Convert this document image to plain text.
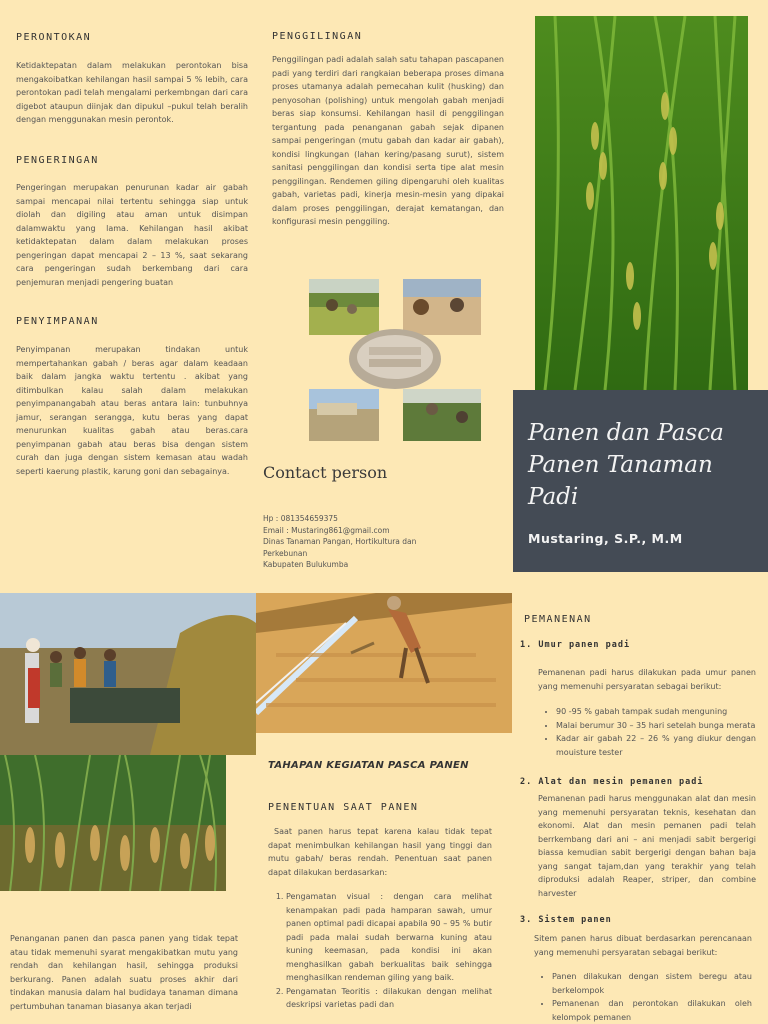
PERONTOKAN
Ketidaktepatan dalam melakukan perontokan bisa mengakoibatkan kehilangan hasil sampai 5 % lebih, cara perontokan padi telah mengalami perkembngan dari cara digebot ataupun diinjak dan dipukul –pukul telah beralih dengan menggunakan mesin perontok.
PENGERINGAN
Pengeringan merupakan penurunan kadar air gabah sampai mencapai nilai tertentu sehingga siap untuk diolah dan digiling atau aman untuk disimpan dalamwaktu yang lama. Kehilangan hasil akibat ketidaktepatan dalam dalam melakukan proses pengeringan dapat mencapai 2 – 13 %, saat sekarang cara pengeringan sudah berkembang dari cara penjemuran menjadi pengering buatan
PENYIMPANAN
Penyimpanan merupakan tindakan untuk mempertahankan gabah / beras agar dalam keadaan baik dalam jangka waktu tertentu . akibat yang ditimbulkan kalau salah dalam melakukan penyimpanangabah atau beras antara lain: tunbuhnya jamur, serangan serangga, kutu beras yang dapat menurunkan kualitas gabah atau beras.cara penyimpanan gabah atau beras bisa dengan sistem curah dan juga dengan sistem kemasan atau wadah seperti kaerung plastik, karung goni dan sebagainya.
PENGGILINGAN
Penggilingan padi adalah salah satu tahapan pascapanen padi yang terdiri dari rangkaian beberapa proses dimana proses utamanya adalah pemecahan kulit (husking) dan penyosohan (polishing) untuk mengolah gabah menjadi beras siap konsumsi. Kehilangan hasil di penggilingan tergantung pada penanganan gabah sejak dipanen sampai pengeringan (mutu gabah dan kadar air gabah), kondisi lingkungan (lahan kering/pasang surut), sistem sanitasi penggilingan dan kondisi serta tipe alat mesin penggilingan. Rendemen giling dipengaruhi oleh kualitas gabah, varietas padi, kinerja mesin-mesin yang dipakai dalam proses penggilingan, derajat kematangan, dan konfigurasi mesin penggiling.
Contact person
Hp : 081354659375
Email : Mustaring861@gmail.com
Dinas Tanaman Pangan, Hortikultura dan Perkebunan
Kabupaten Bulukumba
Panen dan Pasca Panen Tanaman Padi
Mustaring, S.P., M.M
Penanganan panen dan pasca panen yang tidak tepat atau tidak memenuhi syarat mengakibatkan mutu yang rendah dan kehilangan hasil, sehingga produksi berkurang. Panen adalah suatu proses akhir dari tindakan manusia dalam hal budidaya tanaman dimana pertumbuhan tanaman biasanya akan terjadi
TAHAPAN KEGIATAN PASCA PANEN
PENENTUAN SAAT PANEN
Saat panen harus tepat karena kalau tidak tepat dapat menimbulkan kehilangan hasil yang tinggi dan mutu gabah/ beras rendah. Penentuan saat panen dapat dilakukan berdasarkan:
1. Pengamatan visual : dengan cara melihat kenampakan padi pada hamparan sawah, umur panen optimal padi dicapai apabila 90 – 95 % butir padi pada malai sudah berwarna kuning atau kuning keemasan, pada kondisi ini akan menghasilkan gabah berkualitas baik sehingga menghasilkan rendeman giling yang baik.
2. Pengamatan Teoritis : dilakukan dengan melihat deskripsi varietas padi dan
PEMANENAN
1. Umur panen padi
Pemanenan padi harus dilakukan pada umur panen yang memenuhi persyaratan sebagai berikut:
• 90 -95 % gabah tampak sudah menguning
• Malai berumur 30 – 35 hari setelah bunga merata
• Kadar air gabah 22 – 26 % yang diukur dengan mouisture tester
2. Alat dan mesin pemanen padi
Pemanenan padi harus menggunakan alat dan mesin yang memenuhi persyaratan teknis, kesehatan dan ekonomi. Alat dan mesin pemanen padi telah berrkembang dari ani – ani menjadi sabit bergerigi biassa kemudian sabit bergerigi dengan bahan baja yang sangat tajam,dan yang terakhir yang telah diproduksi adalah Reaper, striper, dan combine harvester
3. Sistem panen
Sitem panen harus dibuat berdasarkan perencanaan yang memenuhi persyaratan sebagai berikut:
• Panen dilakukan dengan sistem beregu atau berkelompok
• Pemanenan dan perontokan dilakukan oleh kelompok pemanen
